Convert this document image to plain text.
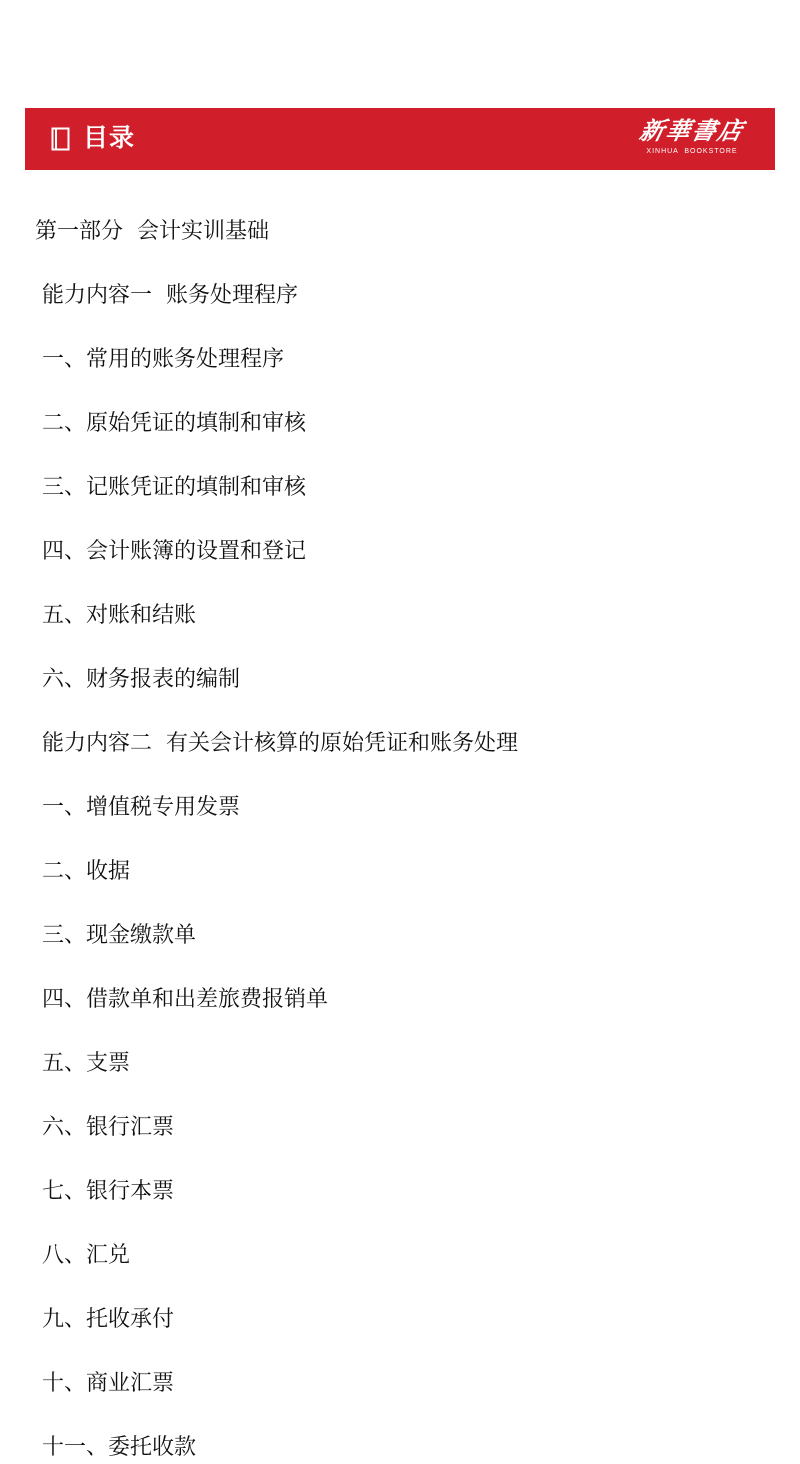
目录	新華書店
XINHUA  BOOKSTORE
第一部分  会计实训基础
能力内容一  账务处理程序
一、常用的账务处理程序
二、原始凭证的填制和审核
三、记账凭证的填制和审核
四、会计账簿的设置和登记
五、对账和结账
六、财务报表的编制
能力内容二  有关会计核算的原始凭证和账务处理
一、增值税专用发票
二、收据
三、现金缴款单
四、借款单和出差旅费报销单
五、支票
六、银行汇票
七、银行本票
八、汇兑
九、托收承付
十、商业汇票
十一、委托收款
